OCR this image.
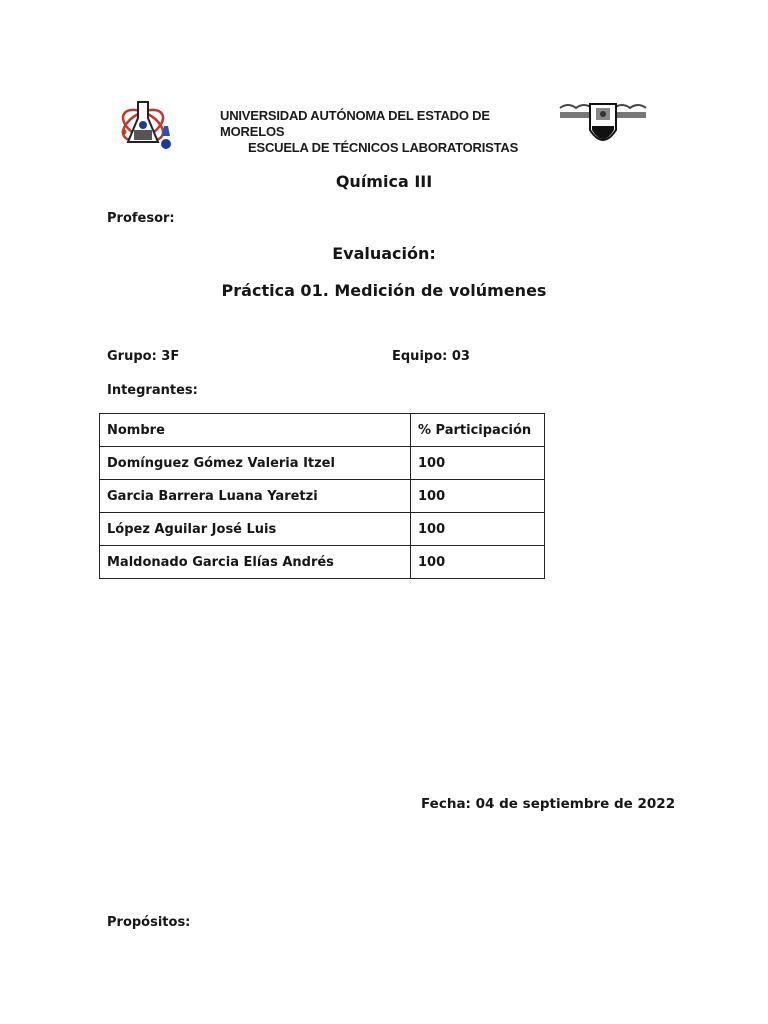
UNIVERSIDAD AUTÓNOMA DEL ESTADO DE MORELOS
ESCUELA DE TÉCNICOS LABORATORISTAS
Química III
Profesor:
Evaluación:
Práctica 01. Medición de volúmenes
Grupo: 3F	Equipo: 03
Integrantes:
Nombre	% Participación
Domínguez Gómez Valeria Itzel	100
Garcia Barrera Luana Yaretzi	100
López Aguilar José Luis	100
Maldonado Garcia Elías Andrés	100
Fecha: 04 de septiembre de 2022
Propósitos:
